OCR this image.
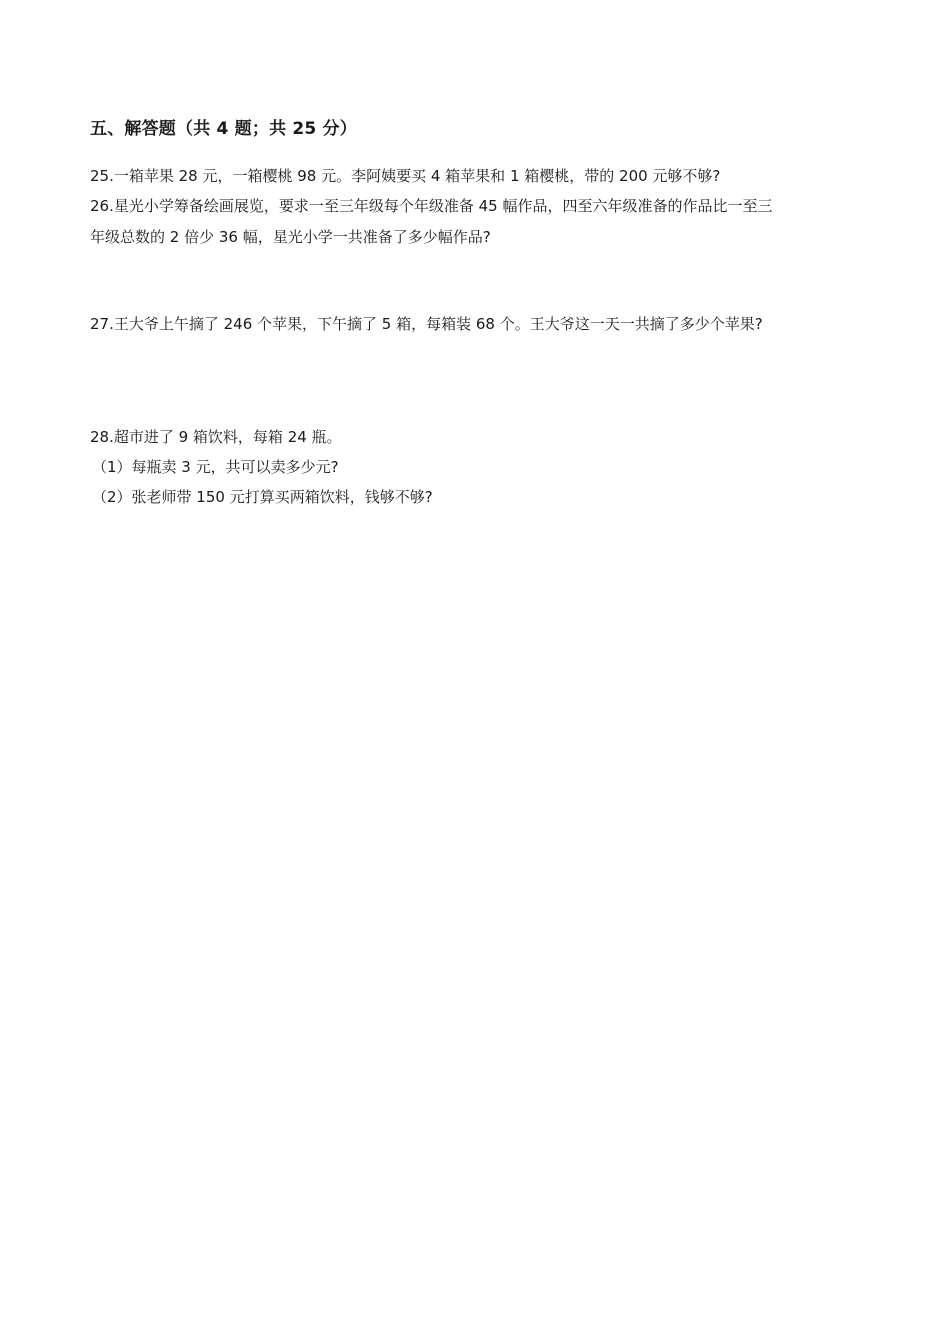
五、解答题（共 4 题；共 25 分）
25.一箱苹果 28 元，一箱樱桃 98 元。李阿姨要买 4 箱苹果和 1 箱樱桃，带的 200 元够不够?
26.星光小学筹备绘画展览，要求一至三年级每个年级准备 45 幅作品，四至六年级准备的作品比一至三
年级总数的 2 倍少 36 幅，星光小学一共准备了多少幅作品?
27.王大爷上午摘了 246 个苹果，下午摘了 5 箱，每箱装 68 个。王大爷这一天一共摘了多少个苹果?
28.超市进了 9 箱饮料，每箱 24 瓶。
（1）每瓶卖 3 元，共可以卖多少元?
（2）张老师带 150 元打算买两箱饮料，钱够不够?
